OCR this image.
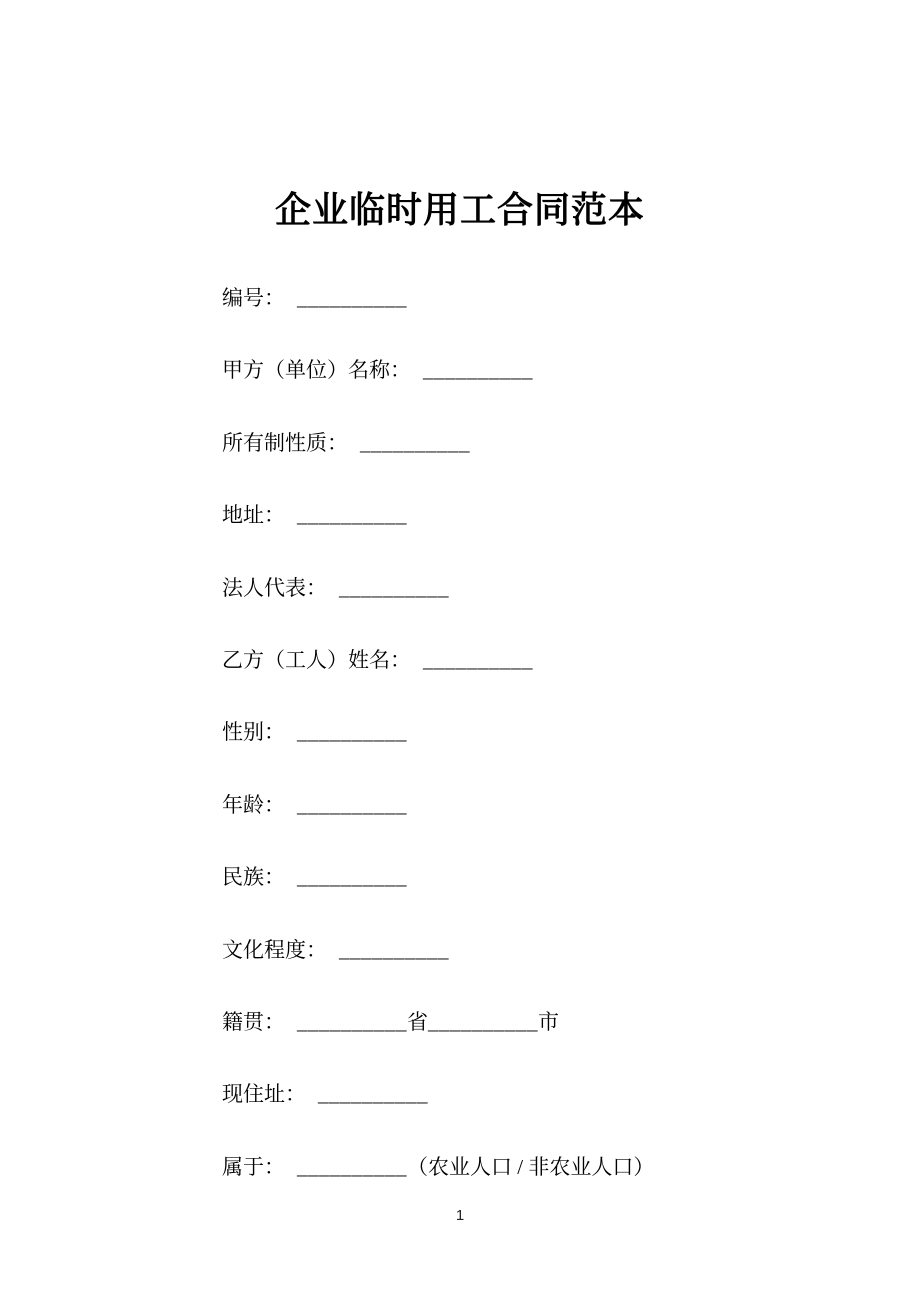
企业临时用工合同范本
编号： __________
甲方（单位）名称： __________
所有制性质： __________
地址： __________
法人代表： __________
乙方（工人）姓名： __________
性别： __________
年龄： __________
民族： __________
文化程度： __________
籍贯： __________省__________市
现住址： __________
属于： __________（农业人口 / 非农业人口）
1
